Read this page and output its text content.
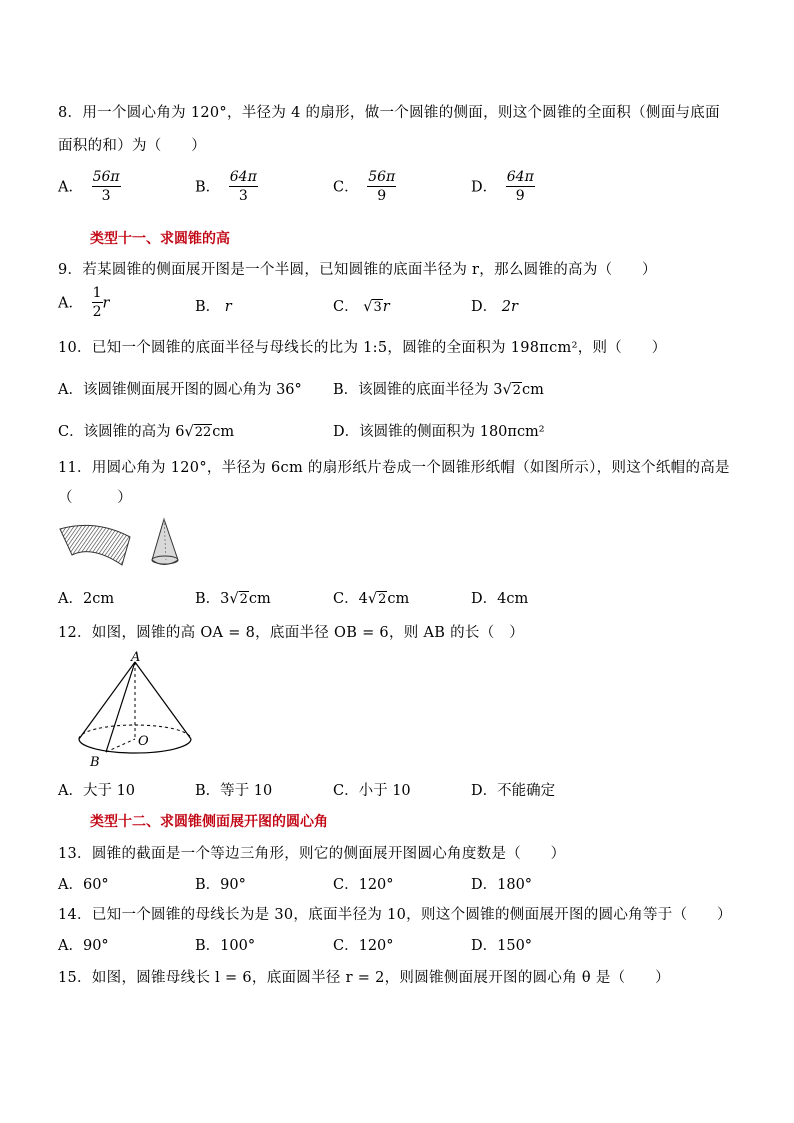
8．用一个圆心角为 120°，半径为 4 的扇形，做一个圆锥的侧面，则这个圆锥的全面积（侧面与底面
面积的和）为（　　）
A． $\frac{56\pi}{3}$	B． $\frac{64\pi}{3}$	C． $\frac{56\pi}{9}$	D． $\frac{64\pi}{9}$
类型十一、求圆锥的高
9．若某圆锥的侧面展开图是一个半圆，已知圆锥的底面半径为 r，那么圆锥的高为（　　）
A． $\frac{1}{2}$ r	B． r	C． √3r	D． 2r
10．已知一个圆锥的底面半径与母线长的比为 1:5，圆锥的全面积为 198πcm²，则（　　）
A．该圆锥侧面展开图的圆心角为 36° B．该圆锥的底面半径为 3√2cm
C．该圆锥的高为 6√22cm	D．该圆锥的侧面积为 180πcm²
11．用圆心角为 120°，半径为 6cm 的扇形纸片卷成一个圆锥形纸帽（如图所示），则这个纸帽的高是
（　　　）
A．2cm	B．3√2cm	C．4√2cm	D．4cm
12．如图，圆锥的高 OA = 8，底面半径 OB = 6，则 AB 的长（　）
A
O
B
A．大于 10	B．等于 10	C．小于 10	D．不能确定
类型十二、求圆锥侧面展开图的圆心角
13．圆锥的截面是一个等边三角形，则它的侧面展开图圆心角度数是（　　）
A．60°	B．90°	C．120°	D．180°
14．已知一个圆锥的母线长为是 30，底面半径为 10，则这个圆锥的侧面展开图的圆心角等于（　　）
A．90°	B．100°	C．120°	D．150°
15．如图，圆锥母线长 l = 6，底面圆半径 r = 2，则圆锥侧面展开图的圆心角 θ 是（　　）
